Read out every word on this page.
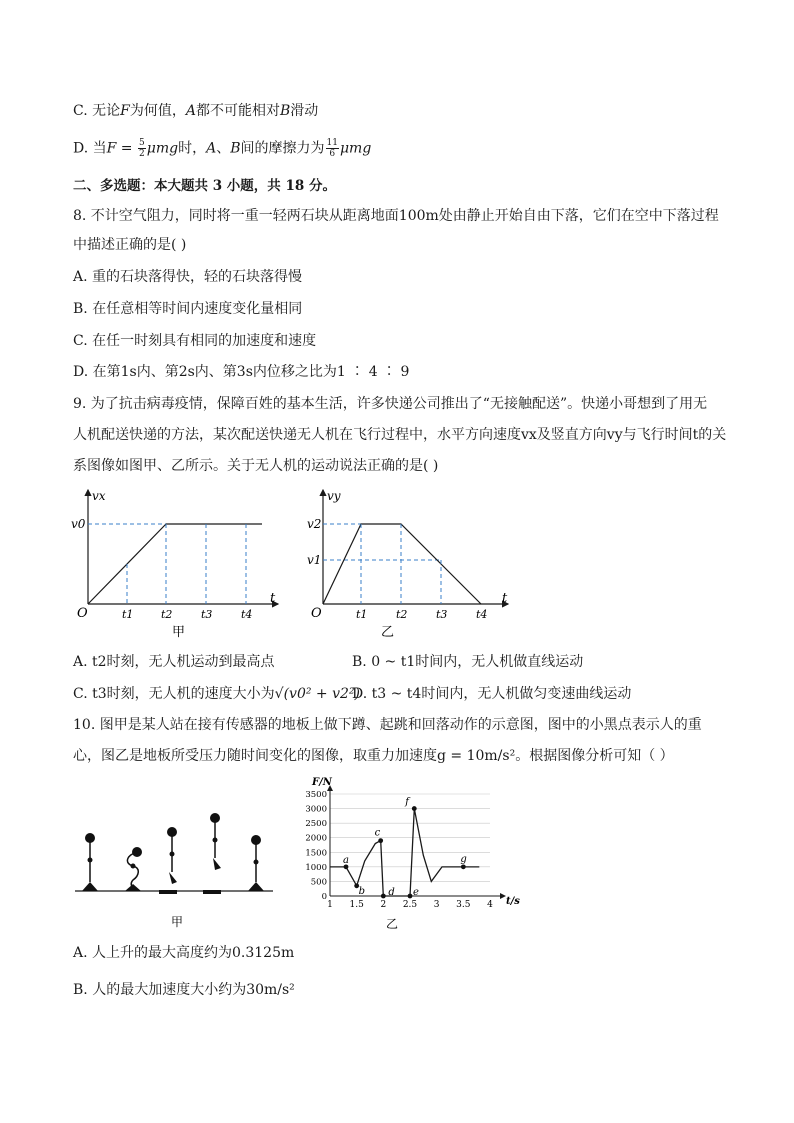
C. 无论F为何值，A都不可能相对B滑动
D. 当$F = \frac{5}{2}$ μmg时，A、B间的摩擦力为 $\frac{11}{6}$ μmg
二、多选题：本大题共 3 小题，共 18 分。
8. 不计空气阻力，同时将一重一轻两石块从距离地面100m处由静止开始自由下落，它们在空中下落过程
中描述正确的是( )
A. 重的石块落得快，轻的石块落得慢
B. 在任意相等时间内速度变化量相同
C. 在任一时刻具有相同的加速度和速度
D. 在第1s内、第2s内、第3s内位移之比为1 ∶ 4 ∶ 9
9. 为了抗击病毒疫情，保障百姓的基本生活，许多快递公司推出了“无接触配送”。快递小哥想到了用无
人机配送快递的方法，某次配送快递无人机在飞行过程中，水平方向速度vx及竖直方向vy与飞行时间t的关
系图像如图甲、乙所示。关于无人机的运动说法正确的是( )
vx
t
O
v0
t1	t2	t3	t4
甲
vy
t
O
v2
v1
t1	t2	t3	t4
乙
A. t2时刻，无人机运动到最高点	B. 0 ~ t1时间内，无人机做直线运动
C. t3时刻，无人机的速度大小为√(v0² + v2²)
D. t3 ~ t4时间内，无人机做匀变速曲线运动
10. 图甲是某人站在接有传感器的地板上做下蹲、起跳和回落动作的示意图，图中的小黑点表示人的重
心，图乙是地板所受压力随时间变化的图像，取重力加速度g = 10m/s²。根据图像分析可知（ ）
甲
3500
3000
2500
2000
1500
1000
500
0
1 1.5 2 2.5 3 3.5 4
a
b
c
d e
f
g
F/N
t/s
乙
A. 人上升的最大高度约为0.3125m
B. 人的最大加速度大小约为30m/s²
